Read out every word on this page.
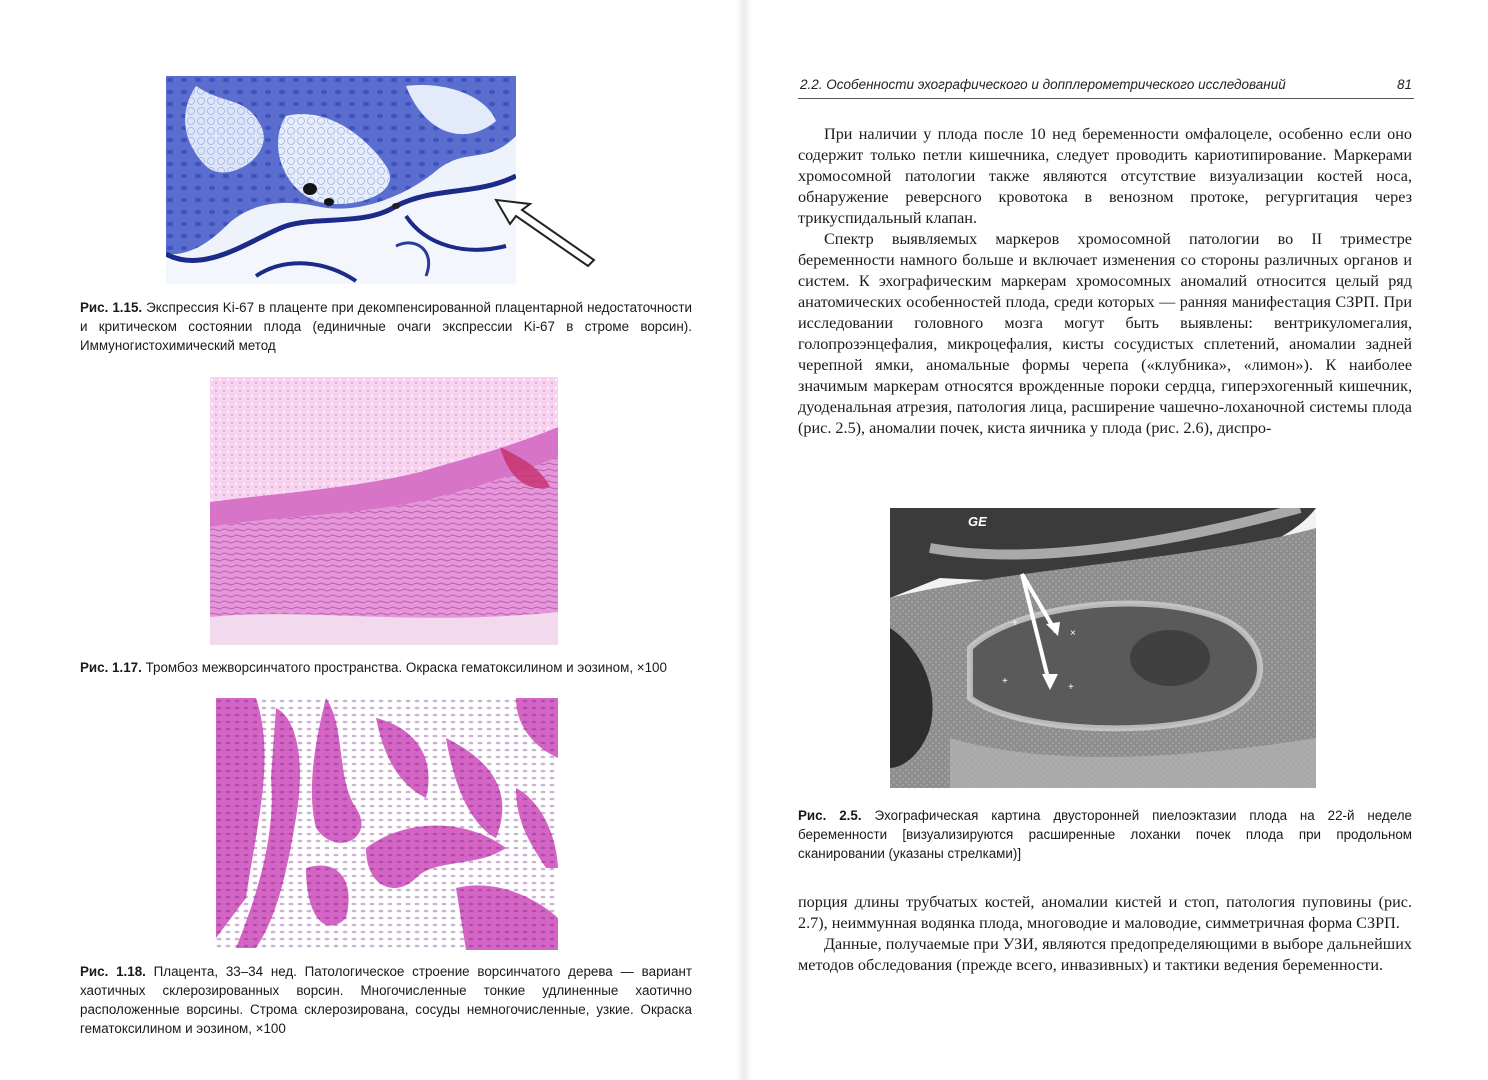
Рис. 1.15. Экспрессия Ki-67 в плаценте при декомпенсированной плацентарной недостаточности и критическом состоянии плода (единичные очаги экспрессии Ki-67 в строме ворсин). Иммуногистохимический метод
Рис. 1.17. Тромбоз межворсинчатого пространства. Окраска гематоксилином и эозином, ×100
Рис. 1.18. Плацента, 33–34 нед. Патологическое строение ворсинчатого дерева — вариант хаотичных склерозированных ворсин. Многочисленные тонкие удлиненные хаотично расположенные ворсины. Строма склерозирована, сосуды немногочисленные, узкие. Окраска гематоксилином и эозином, ×100
2.2. Особенности эхографического и допплерометрического исследований	81

При наличии у плода после 10 нед беременности омфалоцеле, особенно если оно содержит только петли кишечника, следует проводить кариотипирование. Маркерами хромосомной патологии также являются отсутствие визуализации костей носа, обнаружение реверсного кровотока в венозном протоке, регургитация через трикуспидальный клапан.

Спектр выявляемых маркеров хромосомной патологии во II триместре беременности намного больше и включает изменения со стороны различных органов и систем. К эхографическим маркерам хромосомных аномалий относится целый ряд анатомических особенностей плода, среди которых — ранняя манифестация СЗРП. При исследовании головного мозга могут быть выявлены: вентрикуломегалия, голопрозэнцефалия, микроцефалия, кисты сосудистых сплетений, аномалии задней черепной ямки, аномальные формы черепа («клубника», «лимон»). К наиболее значимым маркерам относятся врожденные пороки сердца, гиперэхогенный кишечник, дуоденальная атрезия, патология лица, расширение чашечно-лоханочной системы плода (рис. 2.5), аномалии почек, киста яичника у плода (рис. 2.6), диспро-

GE
+
×
+
+
Рис. 2.5. Эхографическая картина двусторонней пиелоэктазии плода на 22-й неделе беременности [визуализируются расширенные лоханки почек плода при продольном сканировании (указаны стрелками)]

порция длины трубчатых костей, аномалии кистей и стоп, патология пуповины (рис. 2.7), неиммунная водянка плода, многоводие и маловодие, симметричная форма СЗРП.

Данные, получаемые при УЗИ, являются предопределяющими в выборе дальнейших методов обследования (прежде всего, инвазивных) и тактики ведения беременности.
